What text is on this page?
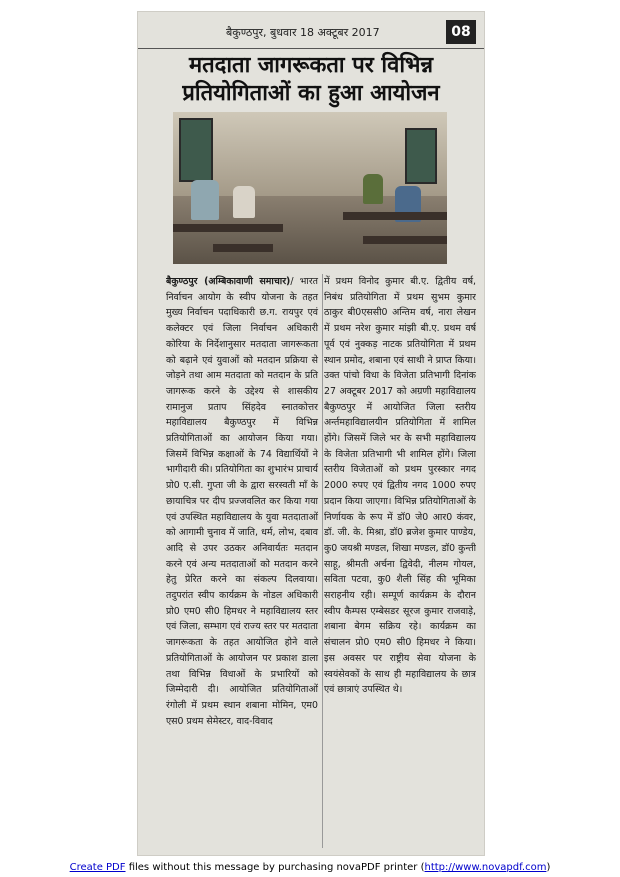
बैकुण्ठपुर, बुधवार 18 अक्टूबर 2017	08
मतदाता जागरूकता पर विभिन्न
प्रतियोगिताओं का हुआ आयोजन
बैकुण्ठपुर (अम्बिकावाणी समाचार)/ भारत निर्वाचन आयोग के स्वीप योजना के तहत मुख्य निर्वाचन पदाधिकारी छ.ग. रायपुर एवं कलेक्टर एवं जिला निर्वाचन अधिकारी कोरिया के निर्देशानुसार मतदाता जागरूकता को बढ़ाने एवं युवाओं को मतदान प्रक्रिया से जोड़ने तथा आम मतदाता को मतदान के प्रति जागरूक करने के उद्देश्य से शासकीय रामानुज प्रताप सिंहदेव स्नातकोत्तर महाविद्यालय बैकुण्ठपुर में विभिन्न प्रतियोगिताओं का आयोजन किया गया। जिसमें विभिन्न कक्षाओं के 74 विद्यार्थियों ने भागीदारी की। प्रतियोगिता का शुभारंभ प्राचार्य प्रो0 ए.सी. गुप्ता जी के द्वारा सरस्वती माँ के छायाचित्र पर दीप प्रज्जवलित कर किया गया एवं उपस्थित महाविद्यालय के युवा मतदाताओं को आगामी चुनाव में जाति, धर्म, लोभ, दबाव आदि से उपर उठकर अनिवार्यतः मतदान करने एवं अन्य मतदाताओं को मतदान करने हेतु प्रेरित करने का संकल्प दिलवाया। तदुपरांत स्वीप कार्यक्रम के नोडल अधिकारी प्रो0 एम0 सी0 हिमधर ने महाविद्यालय स्तर एवं जिला, सम्भाग एवं राज्य स्तर पर मतदाता जागरूकता के तहत आयोजित होने वाले प्रतियोगिताओं के आयोजन पर प्रकाश डाला तथा विभिन्न विधाओं के प्रभारियों को जिम्मेदारी दी। आयोजित प्रतियोगिताओं रंगोली में प्रथम स्थान शबाना मोमिन, एम0 एस0 प्रथम सेमेस्टर, वाद-विवाद
में प्रथम विनोद कुमार बी.ए. द्वितीय वर्ष, निबंध प्रतियोगिता में प्रथम सुभम कुमार ठाकुर बी0एससी0 अन्तिम वर्ष, नारा लेखन में प्रथम नरेश कुमार मांझी बी.ए. प्रथम वर्ष पूर्व एवं नुक्कड़ नाटक प्रतियोगिता में प्रथम स्थान प्रमोद, शबाना एवं साथी ने प्राप्त किया। उक्त पांचो विधा के विजेता प्रतिभागी दिनांक 27 अक्टूबर 2017 को अग्रणी महाविद्यालय बैकुण्ठपुर में आयोजित जिला स्तरीय अर्न्तमहाविद्यालयीन प्रतियोगिता में शामिल होंगे। जिसमें जिले भर के सभी महाविद्यालय के विजेता प्रतिभागी भी शामिल होंगे। जिला स्तरीय विजेताओं को प्रथम पुरस्कार नगद 2000 रुपए एवं द्वितीय नगद 1000 रुपए प्रदान किया जाएगा। विभिन्न प्रतियोगिताओं के निर्णायक के रूप में डॉ0 जे0 आर0 कंवर, डॉ. जी. के. मिश्रा, डॉ0 ब्रजेश कुमार पाण्डेय, कु0 जयश्री मण्डल, शिखा मण्डल, डॉ0 कुन्ती साहू, श्रीमती अर्चना द्विवेदी, नीलम गोयल, सविता पटवा, कु0 शैली सिंह की भूमिका सराहनीय रही। सम्पूर्ण कार्यक्रम के दौरान स्वीप कैम्पस एम्बेसडर सूरज कुमार राजवाड़े, शबाना बेगम सक्रिय रहे। कार्यक्रम का संचालन प्रो0 एम0 सी0 हिमधर ने किया। इस अवसर पर राष्ट्रीय सेवा योजना के स्वयंसेवकों के साथ ही महाविद्यालय के छात्र एवं छात्राएं उपस्थित थे।
Create PDF files without this message by purchasing novaPDF printer (http://www.novapdf.com)
